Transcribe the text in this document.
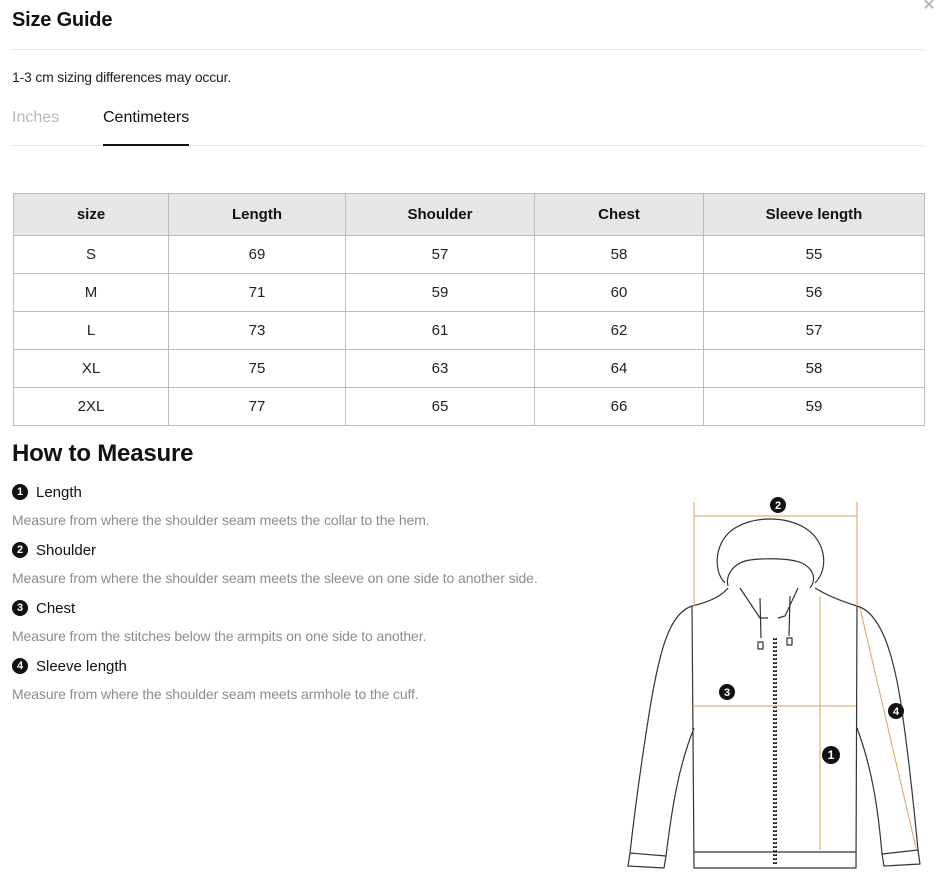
Size Guide
✕
1-3 cm sizing differences may occur.
Inches	Centimeters
size	Length	Shoulder	Chest	Sleeve length
S	69	57	58	55
M	71	59	60	56
L	73	61	62	57
XL	75	63	64	58
2XL	77	65	66	59
How to Measure
1 Length
Measure from where the shoulder seam meets the collar to the hem.
2 Shoulder
Measure from where the shoulder seam meets the sleeve on one side to another side.
3 Chest
Measure from the stitches below the armpits on one side to another.
4 Sleeve length
Measure from where the shoulder seam meets armhole to the cuff.
2
3
1
4
